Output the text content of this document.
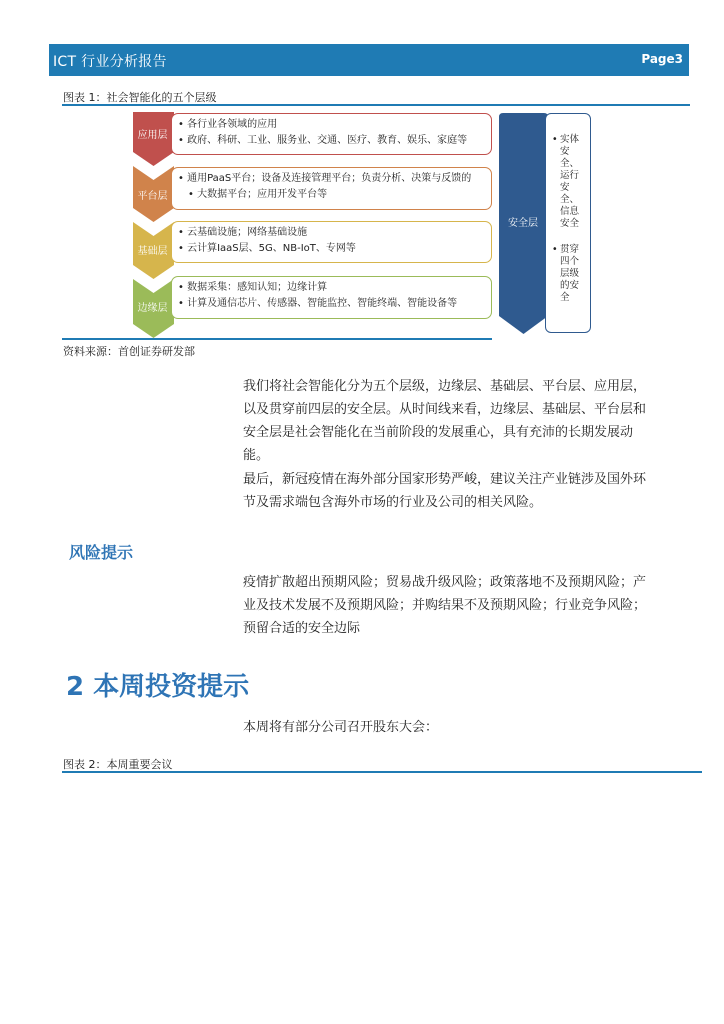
ICT 行业分析报告	Page3
图表 1：社会智能化的五个层级
应用层
平台层
基础层
边缘层
• 各行业各领域的应用
• 政府、科研、工业、服务业、交通、医疗、教育、娱乐、家庭等
• 通用PaaS平台；设备及连接管理平台；负责分析、决策与反馈的
• 大数据平台；应用开发平台等
• 云基础设施；网络基础设施
• 云计算IaaS层、5G、NB-IoT、专网等
• 数据采集：感知认知；边缘计算
• 计算及通信芯片、传感器、智能监控、智能终端、智能设备等
安全层
• 实体安全、运行安全、信息安全
• 贯穿四个层级的安全
资料来源：首创证券研发部
我们将社会智能化分为五个层级，边缘层、基础层、平台层、应用层，以及贯穿前四层的安全层。从时间线来看，边缘层、基础层、平台层和安全层是社会智能化在当前阶段的发展重心，具有充沛的长期发展动能。
最后，新冠疫情在海外部分国家形势严峻，建议关注产业链涉及国外环节及需求端包含海外市场的行业及公司的相关风险。
风险提示
疫情扩散超出预期风险；贸易战升级风险；政策落地不及预期风险；产业及技术发展不及预期风险；并购结果不及预期风险；行业竞争风险；预留合适的安全边际
2 本周投资提示
本周将有部分公司召开股东大会：
图表 2：本周重要会议
